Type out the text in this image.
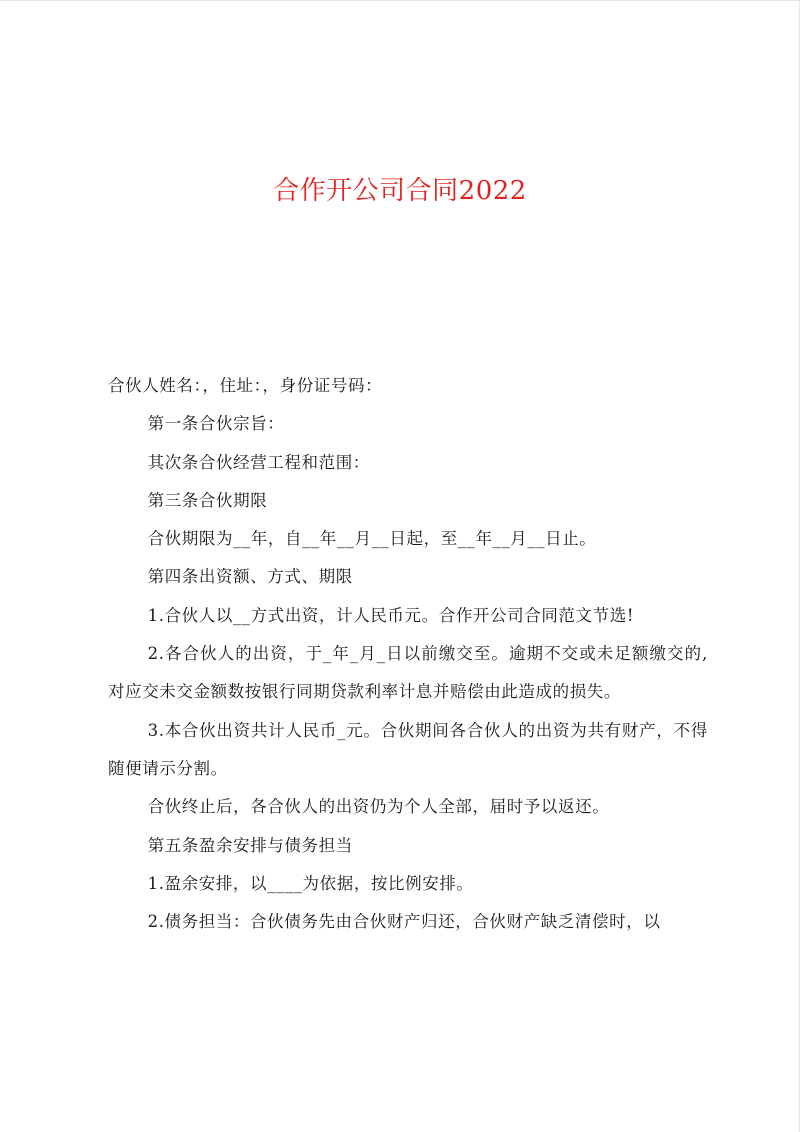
合作开公司合同2022

合伙人姓名：，住址：，身份证号码：

第一条合伙宗旨：

其次条合伙经营工程和范围：

第三条合伙期限

合伙期限为__年，自__年__月__日起，至__年__月__日止。

第四条出资额、方式、期限

1.合伙人以__方式出资，计人民币元。合作开公司合同范文节选!

2.各合伙人的出资，于_年_月_日以前缴交至。逾期不交或未足额缴交的,对应交未交金额数按银行同期贷款利率计息并赔偿由此造成的损失。

3.本合伙出资共计人民币_元。合伙期间各合伙人的出资为共有财产，不得随便请示分割。

合伙终止后，各合伙人的出资仍为个人全部，届时予以返还。

第五条盈余安排与债务担当

1.盈余安排，以____为依据，按比例安排。

2.债务担当：合伙债务先由合伙财产归还，合伙财产缺乏清偿时，以
